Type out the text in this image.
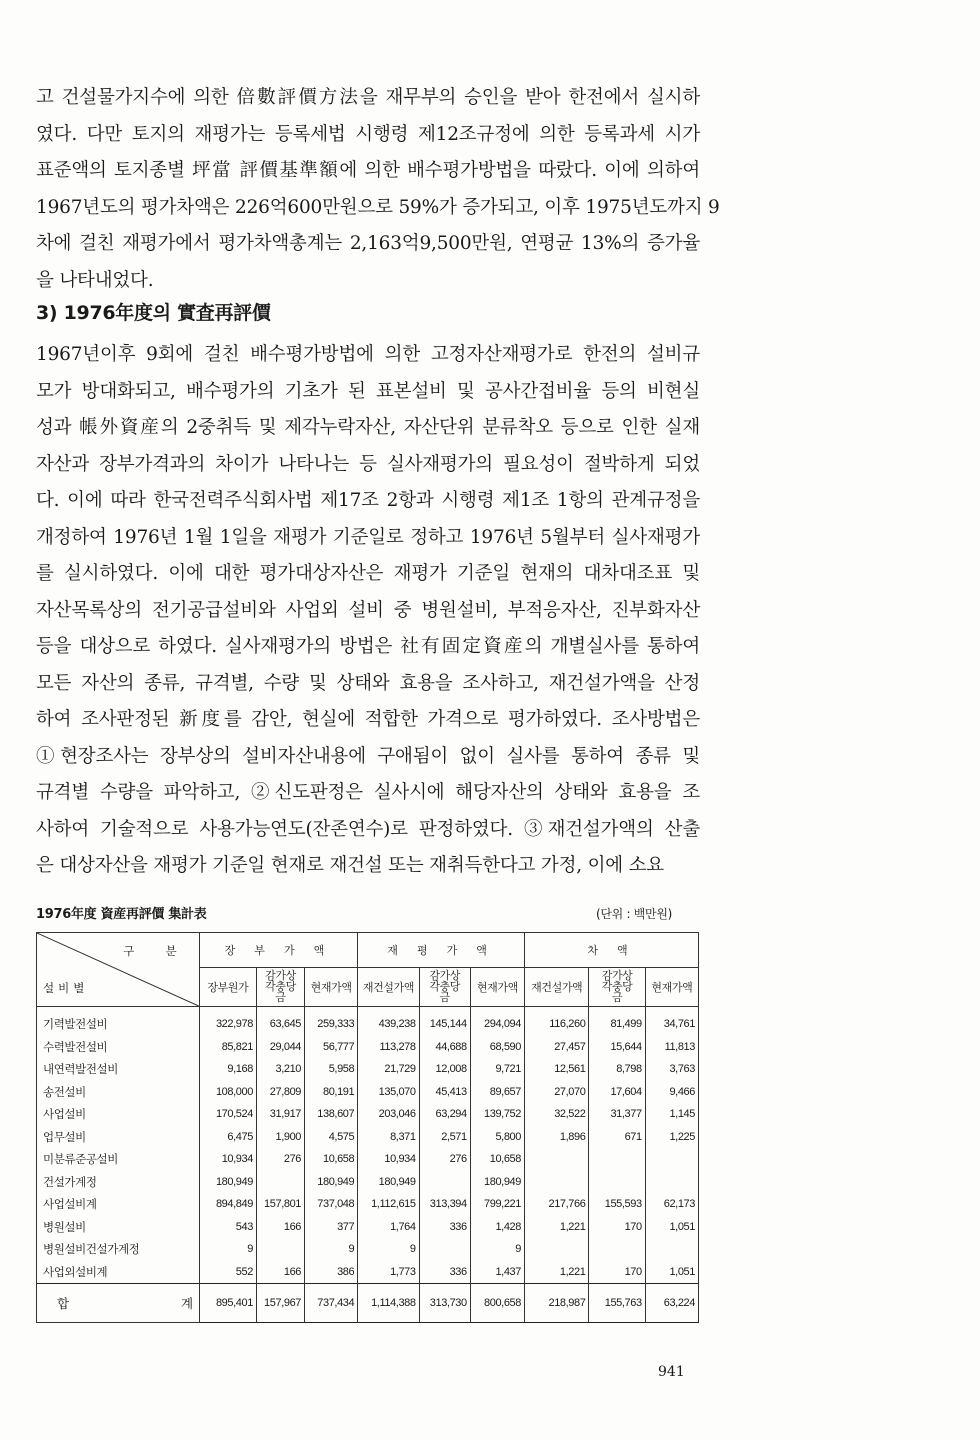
고 건설물가지수에 의한 倍數評價方法을 재무부의 승인을 받아 한전에서 실시하
였다. 다만 토지의 재평가는 등록세법 시행령 제12조규정에 의한 등록과세 시가
표준액의 토지종별 坪當 評價基準額에 의한 배수평가방법을 따랐다. 이에 의하여
1967년도의 평가차액은 226억600만원으로 59%가 증가되고, 이후 1975년도까지 9
차에 걸친 재평가에서 평가차액총계는 2,163억9,500만원, 연평균 13%의 증가율
을 나타내었다.
3) 1976年度의 實査再評價
1967년이후 9회에 걸친 배수평가방법에 의한 고정자산재평가로 한전의 설비규
모가 방대화되고, 배수평가의 기초가 된 표본설비 및 공사간접비율 등의 비현실
성과 帳外資産의 2중취득 및 제각누락자산, 자산단위 분류착오 등으로 인한 실재
자산과 장부가격과의 차이가 나타나는 등 실사재평가의 필요성이 절박하게 되었
다. 이에 따라 한국전력주식회사법 제17조 2항과 시행령 제1조 1항의 관계규정을
개정하여 1976년 1월 1일을 재평가 기준일로 정하고 1976년 5월부터 실사재평가
를 실시하였다. 이에 대한 평가대상자산은 재평가 기준일 현재의 대차대조표 및
자산목록상의 전기공급설비와 사업외 설비 중 병원설비, 부적응자산, 진부화자산
등을 대상으로 하였다. 실사재평가의 방법은 社有固定資産의 개별실사를 통하여
모든 자산의 종류, 규격별, 수량 및 상태와 효용을 조사하고, 재건설가액을 산정
하여 조사판정된 新度를 감안, 현실에 적합한 가격으로 평가하였다. 조사방법은
①현장조사는 장부상의 설비자산내용에 구애됨이 없이 실사를 통하여 종류 및
규격별 수량을 파악하고, ②신도판정은 실사시에 해당자산의 상태와 효용을 조
사하여 기술적으로 사용가능연도(잔존연수)로 판정하였다. ③재건설가액의 산출
은 대상자산을 재평가 기준일 현재로 재건설 또는 재취득한다고 가정, 이에 소요
1976年度 資産再評價 集計表	(단위 : 백만원)
구 분
설비별	장 부 가 액			재 평 가 액			차 액		
	장부원가	감가상각충당금	현재가액	재건설가액	감가상각충당금	현재가액	재건설가액	감가상각충당금	현재가액
기력발전설비	322,978	63,645	259,333	439,238	145,144	294,094	116,260	81,499	34,761
수력발전설비	85,821	29,044	56,777	113,278	44,688	68,590	27,457	15,644	11,813
내연력발전설비	9,168	3,210	5,958	21,729	12,008	9,721	12,561	8,798	3,763
송전설비	108,000	27,809	80,191	135,070	45,413	89,657	27,070	17,604	9,466
사업설비	170,524	31,917	138,607	203,046	63,294	139,752	32,522	31,377	1,145
업무설비	6,475	1,900	4,575	8,371	2,571	5,800	1,896	671	1,225
미분류준공설비	10,934	276	10,658	10,934	276	10,658			
건설가계정	180,949		180,949	180,949		180,949			
사업설비계	894,849	157,801	737,048	1,112,615	313,394	799,221	217,766	155,593	62,173
병원설비	543	166	377	1,764	336	1,428	1,221	170	1,051
병원설비건설가계정	9		9	9		9			
사업외설비계	552	166	386	1,773	336	1,437	1,221	170	1,051

합 계	895,401	157,967	737,434	1,114,388	313,730	800,658	218,987	155,763	63,224
941
